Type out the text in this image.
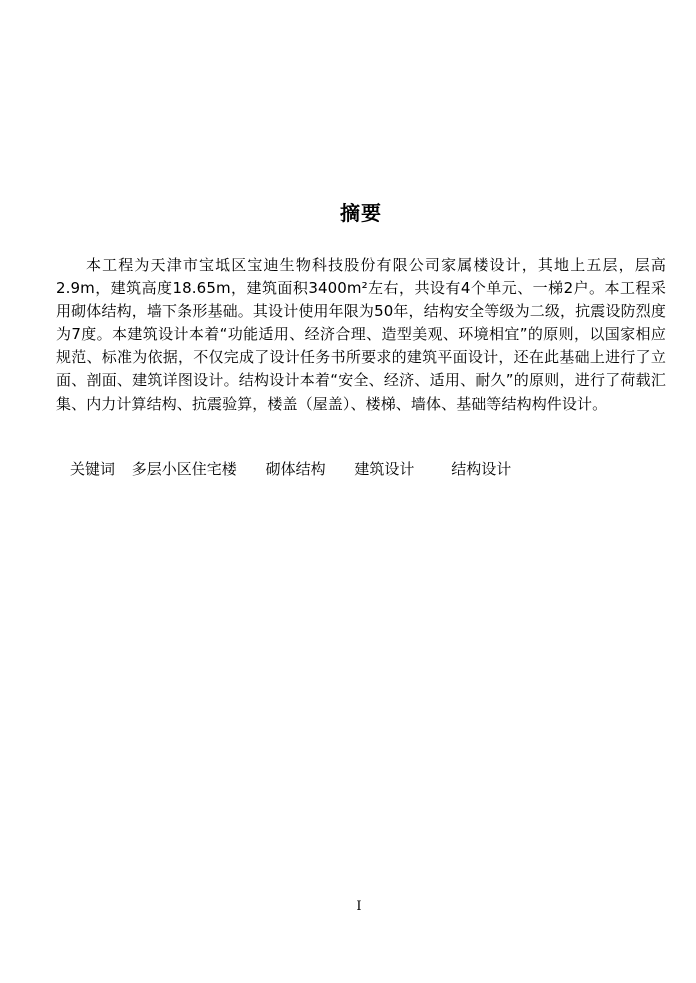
摘要

本工程为天津市宝坻区宝迪生物科技股份有限公司家属楼设计，其地上五层，层高2.9m，建筑高度18.65m，建筑面积3400m²左右，共设有4个单元、一梯2户。本工程采用砌体结构，墙下条形基础。其设计使用年限为50年，结构安全等级为二级，抗震设防烈度为7度。本建筑设计本着“功能适用、经济合理、造型美观、环境相宜”的原则，以国家相应规范、标准为依据，不仅完成了设计任务书所要求的建筑平面设计，还在此基础上进行了立面、剖面、建筑详图设计。结构设计本着“安全、经济、适用、耐久”的原则，进行了荷载汇集、内力计算结构、抗震验算，楼盖（屋盖）、楼梯、墙体、基础等结构构件设计。

关键词 多层小区住宅楼 砌体结构 建筑设计 结构设计

I
